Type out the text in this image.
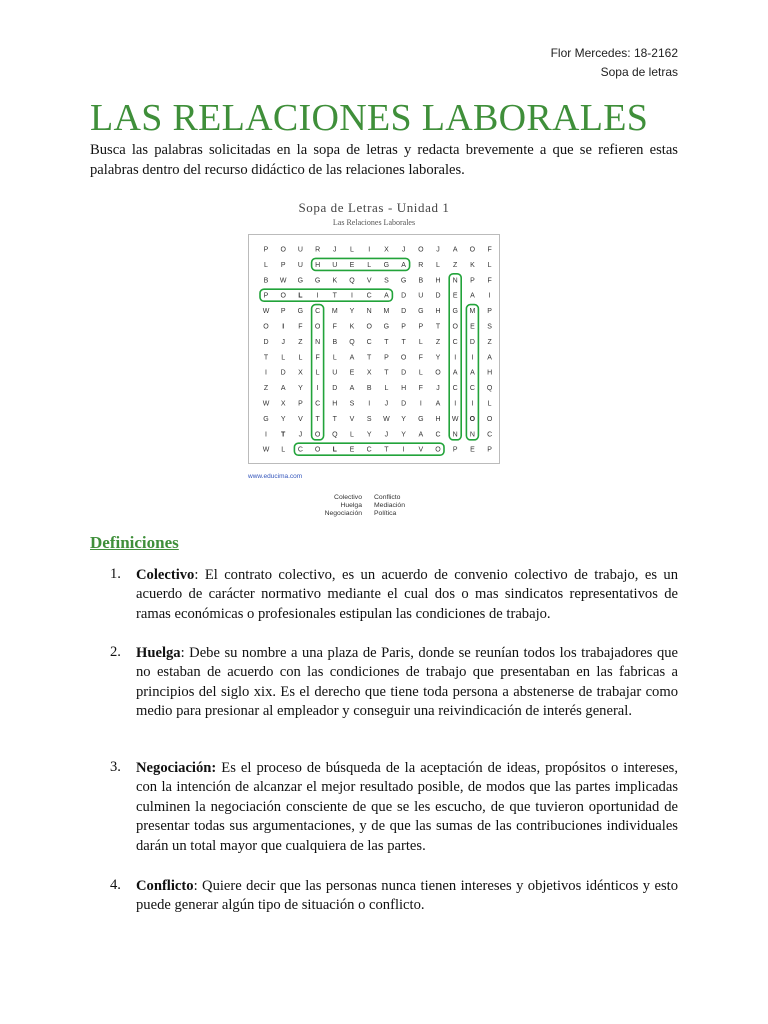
Flor Mercedes: 18-2162
Sopa de letras
LAS RELACIONES LABORALES

Busca las palabras solicitadas en la sopa de letras y redacta brevemente a que se refieren estas palabras dentro del recurso didáctico de las relaciones laborales.

Sopa de Letras - Unidad 1
Las Relaciones Laborales
P O U R J L I X J O J A O F
L P U H U E L G A R L Z K L
B W G G K Q V S G B H N P F
P O L I T I C A D U D E A I
W P G C M Y N M D G H G M P
O I F O F K O G P P T O E S
D J Z N B Q C T T L Z C D Z
T L L F L A T P O F Y I I A
I D X L U E X T D L O A A H
Z A Y I D A B L H F J C C Q
W X P C H S I J D I A I I L
G Y V T T V S W Y G H W O O
I T J O Q L Y J Y A C N N C
W L C O L E C T I V O P E P
www.educima.com
Colectivo Conflicto
Huelga Mediación
Negociación Política
Definiciones
1. Colectivo: El contrato colectivo, es un acuerdo de convenio colectivo de trabajo, es un acuerdo de carácter normativo mediante el cual dos o mas sindicatos representativos de ramas económicas o profesionales estipulan las condiciones de trabajo.

2. Huelga: Debe su nombre a una plaza de Paris, donde se reunían todos los trabajadores que no estaban de acuerdo con las condiciones de trabajo que presentaban en las fabricas a principios del siglo xix. Es el derecho que tiene toda persona a abstenerse de trabajar como medio para presionar al empleador y conseguir una reivindicación de interés general.

3. Negociación: Es el proceso de búsqueda de la aceptación de ideas, propósitos o intereses, con la intención de alcanzar el mejor resultado posible, de modos que las partes implicadas culminen la negociación consciente de que se les escucho, de que tuvieron oportunidad de presentar todas sus argumentaciones, y de que las sumas de las contribuciones individuales darán un total mayor que cualquiera de las partes.

4. Conflicto: Quiere decir que las personas nunca tienen intereses y objetivos idénticos y esto puede generar algún tipo de situación o conflicto.
